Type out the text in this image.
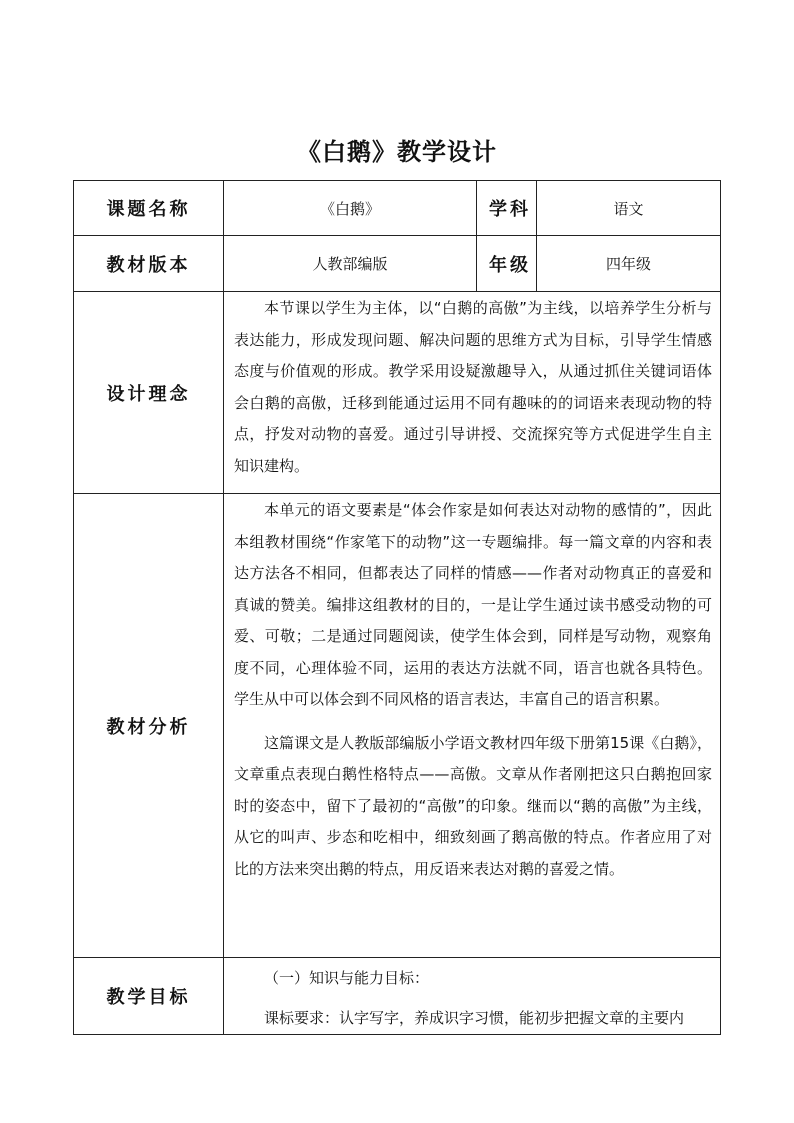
《白鹅》教学设计
课题名称	《白鹅》	学科	语文
教材版本	人教部编版	年级	四年级
设计理念	本节课以学生为主体，以“白鹅的高傲”为主线，以培养学生分析与表达能力，形成发现问题、解决问题的思维方式为目标，引导学生情感态度与价值观的形成。教学采用设疑激趣导入，从通过抓住关键词语体会白鹅的高傲，迁移到能通过运用不同有趣味的的词语来表现动物的特点，抒发对动物的喜爱。通过引导讲授、交流探究等方式促进学生自主知识建构。		

教材分析	本单元的语文要素是“体会作家是如何表达对动物的感情的”，因此本组教材围绕“作家笔下的动物”这一专题编排。每一篇文章的内容和表达方法各不相同，但都表达了同样的情感——作者对动物真正的喜爱和真诚的赞美。编排这组教材的目的，一是让学生通过读书感受动物的可爱、可敬；二是通过同题阅读，使学生体会到，同样是写动物，观察角度不同，心理体验不同，运用的表达方法就不同，语言也就各具特色。学生从中可以体会到不同风格的语言表达，丰富自己的语言积累。

这篇课文是人教版部编版小学语文教材四年级下册第15课《白鹅》，文章重点表现白鹅性格特点——高傲。文章从作者刚把这只白鹅抱回家时的姿态中，留下了最初的“高傲”的印象。继而以“鹅的高傲”为主线，从它的叫声、步态和吃相中，细致刻画了鹅高傲的特点。作者应用了对比的方法来突出鹅的特点，用反语来表达对鹅的喜爱之情。		

教学目标	（一）知识与能力目标：

课标要求：认字写字，养成识字习惯，能初步把握文章的主要内		
